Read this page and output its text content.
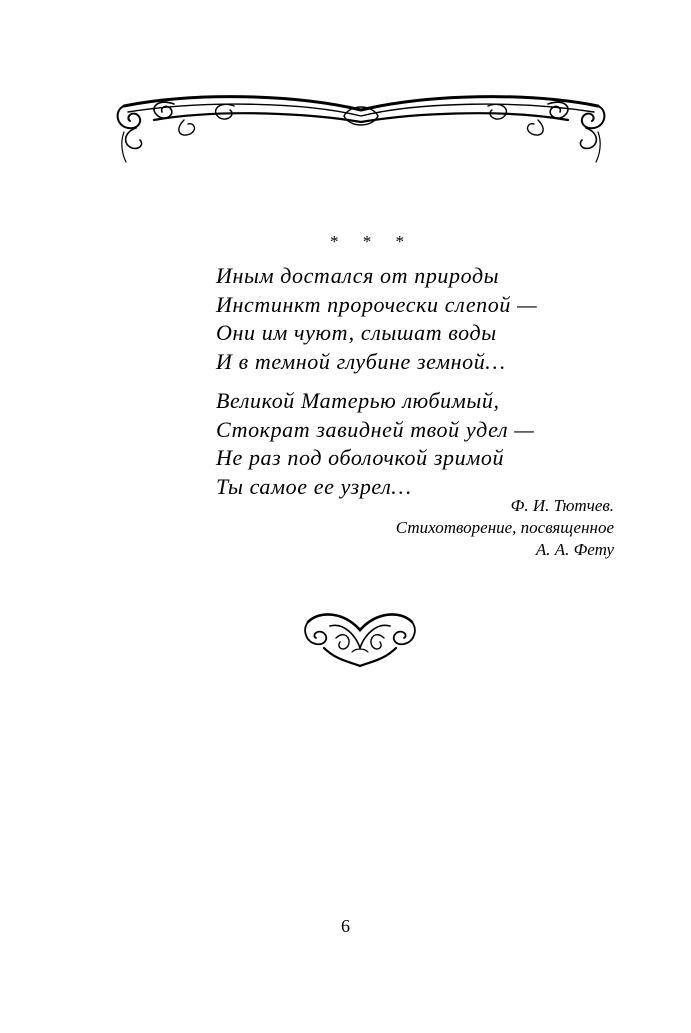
* * *

Иным достался от природы
Инстинкт пророчески слепой —
Они им чуют, слышат воды
И в темной глубине земной…

Великой Матерью любимый,
Стократ завидней твой удел —
Не раз под оболочкой зримой
Ты самое ее узрел…

Ф. И. Тютчев.
Стихотворение, посвященное
А. А. Фету
6
